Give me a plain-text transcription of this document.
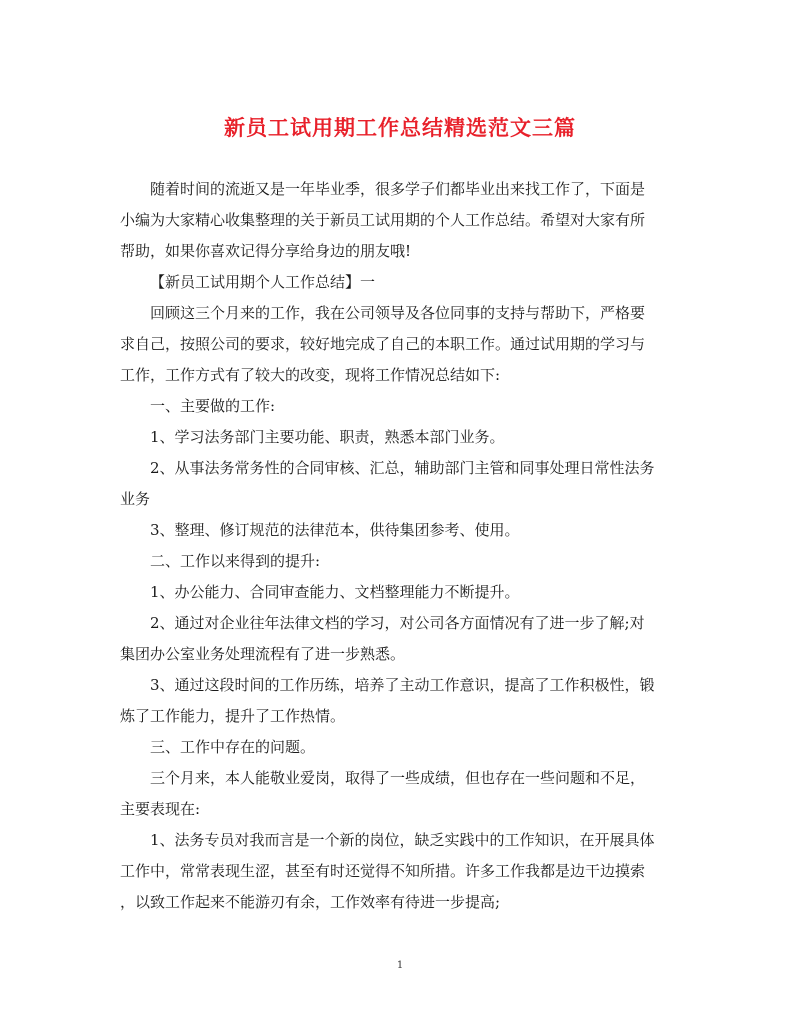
新员工试用期工作总结精选范文三篇

随着时间的流逝又是一年毕业季，很多学子们都毕业出来找工作了，下面是
小编为大家精心收集整理的关于新员工试用期的个人工作总结。希望对大家有所
帮助，如果你喜欢记得分享给身边的朋友哦!

【新员工试用期个人工作总结】一

回顾这三个月来的工作，我在公司领导及各位同事的支持与帮助下，严格要
求自己，按照公司的要求，较好地完成了自己的本职工作。通过试用期的学习与
工作，工作方式有了较大的改变，现将工作情况总结如下:

一、主要做的工作:

1、学习法务部门主要功能、职责，熟悉本部门业务。

2、从事法务常务性的合同审核、汇总，辅助部门主管和同事处理日常性法务
业务

3、整理、修订规范的法律范本，供待集团参考、使用。

二、工作以来得到的提升:

1、办公能力、合同审查能力、文档整理能力不断提升。

2、通过对企业往年法律文档的学习，对公司各方面情况有了进一步了解;对
集团办公室业务处理流程有了进一步熟悉。

3、通过这段时间的工作历练，培养了主动工作意识，提高了工作积极性，锻
炼了工作能力，提升了工作热情。

三、工作中存在的问题。

三个月来，本人能敬业爱岗，取得了一些成绩，但也存在一些问题和不足，
主要表现在:

1、法务专员对我而言是一个新的岗位，缺乏实践中的工作知识，在开展具体
工作中，常常表现生涩，甚至有时还觉得不知所措。许多工作我都是边干边摸索
，以致工作起来不能游刃有余，工作效率有待进一步提高;

1
